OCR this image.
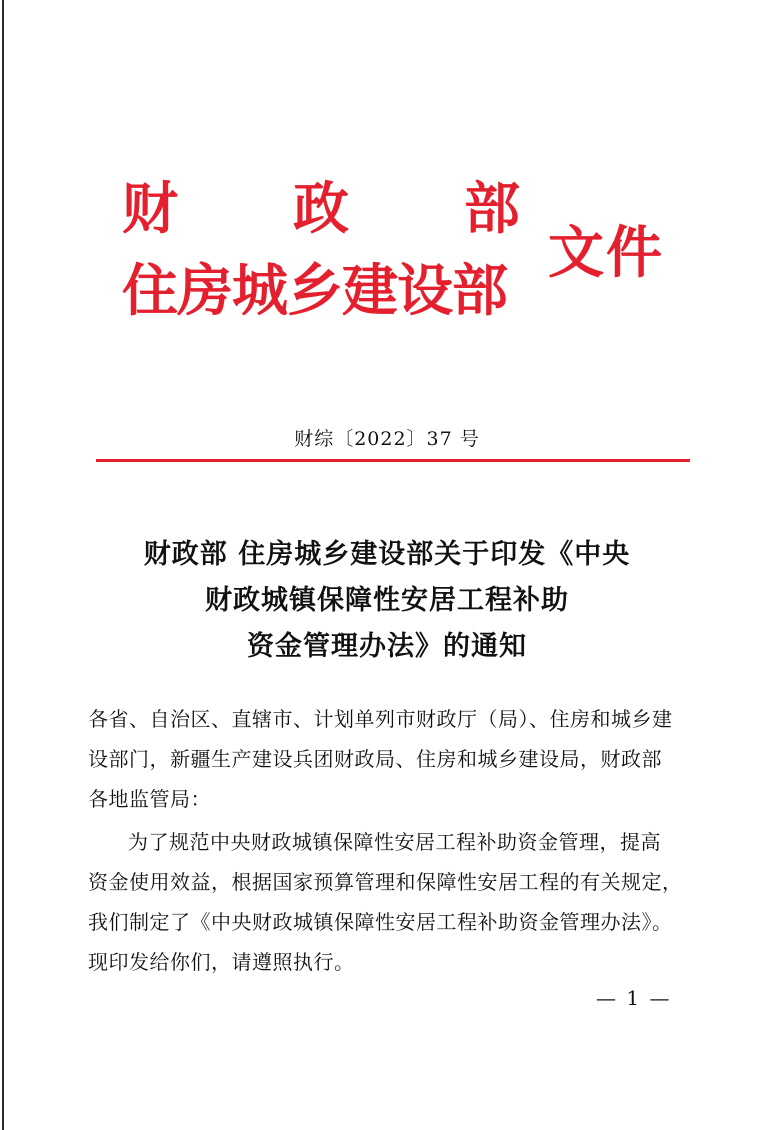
财 政 部
住房城乡建设部
文件
财综〔2022〕37 号
财政部 住房城乡建设部关于印发《中央
财政城镇保障性安居工程补助
资金管理办法》的通知
各省、自治区、直辖市、计划单列市财政厅（局）、住房和城乡建
设部门，新疆生产建设兵团财政局、住房和城乡建设局，财政部
各地监管局：
为了规范中央财政城镇保障性安居工程补助资金管理，提高
资金使用效益，根据国家预算管理和保障性安居工程的有关规定，
我们制定了《中央财政城镇保障性安居工程补助资金管理办法》。
现印发给你们，请遵照执行。
— 1 —
